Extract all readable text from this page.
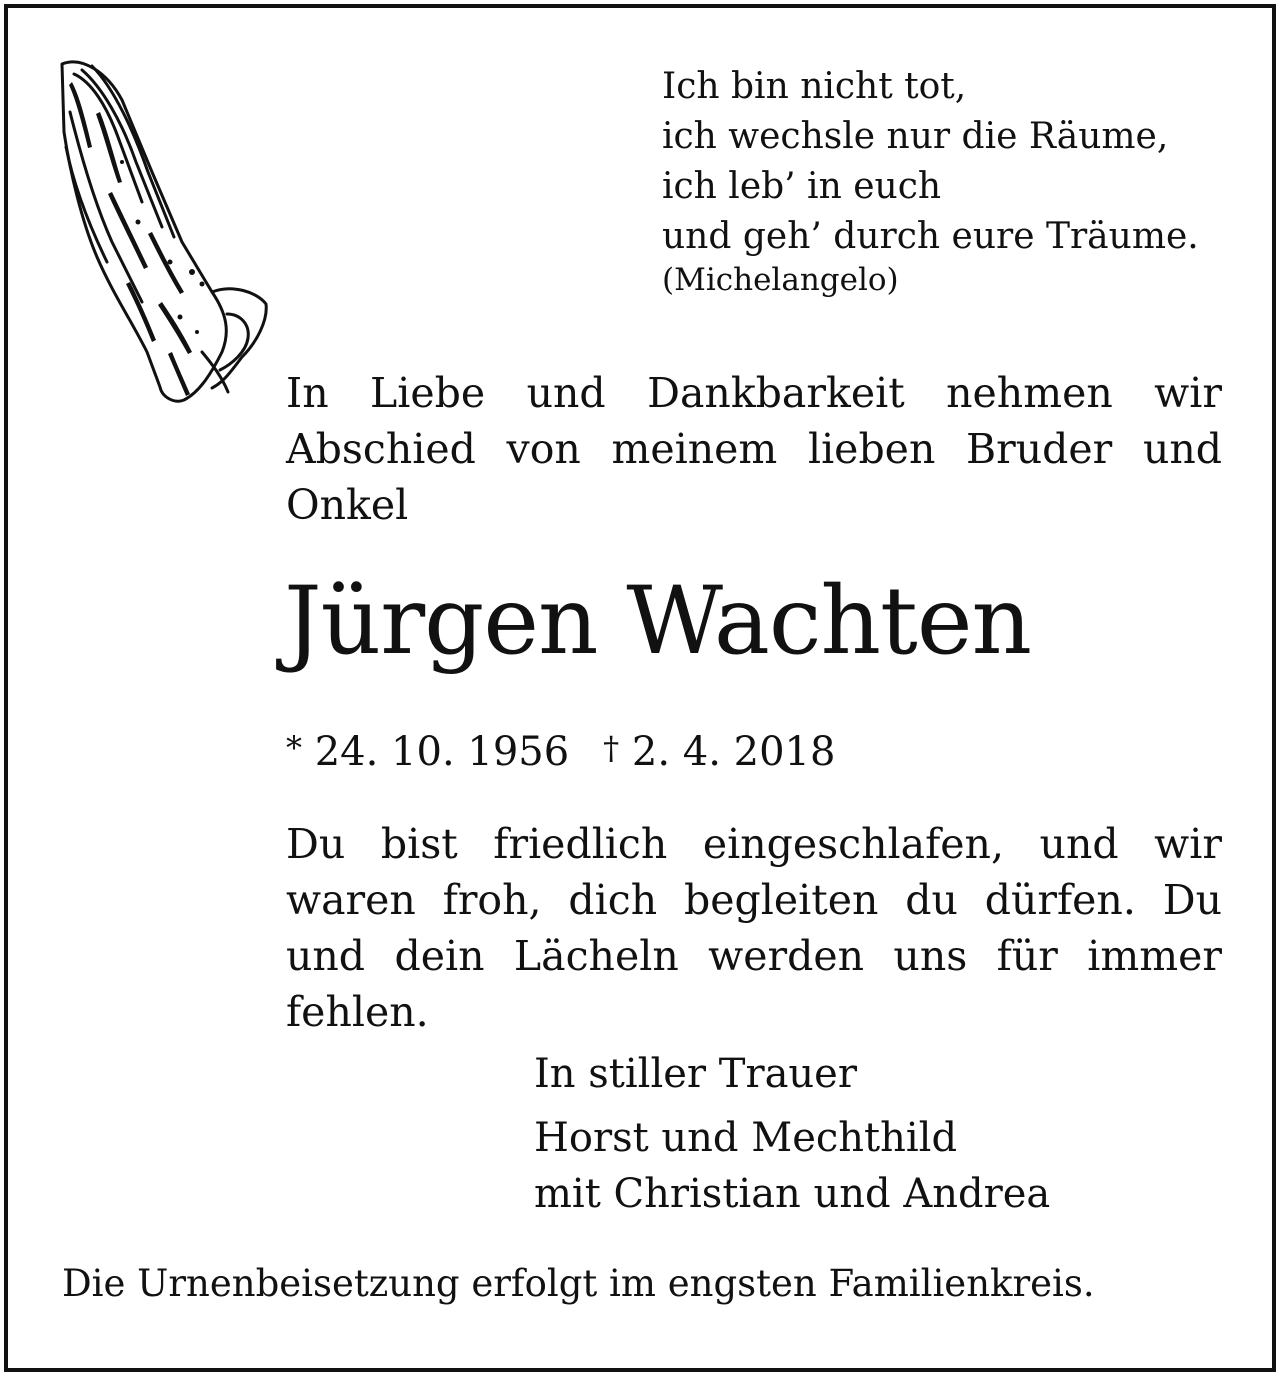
Ich bin nicht tot,
ich wechsle nur die Räume,
ich leb’ in euch
und geh’ durch eure Träume.
(Michelangelo)
In Liebe und Dankbarkeit nehmen wir
Abschied von meinem lieben Bruder und
Onkel
Jürgen Wachten
* 24. 10. 1956 † 2. 4. 2018
Du bist friedlich eingeschlafen, und wir
waren froh, dich begleiten du dürfen. Du
und dein Lächeln werden uns für immer
fehlen.
In stiller Trauer
Horst und Mechthild
mit Christian und Andrea
Die Urnenbeisetzung erfolgt im engsten Familienkreis.
